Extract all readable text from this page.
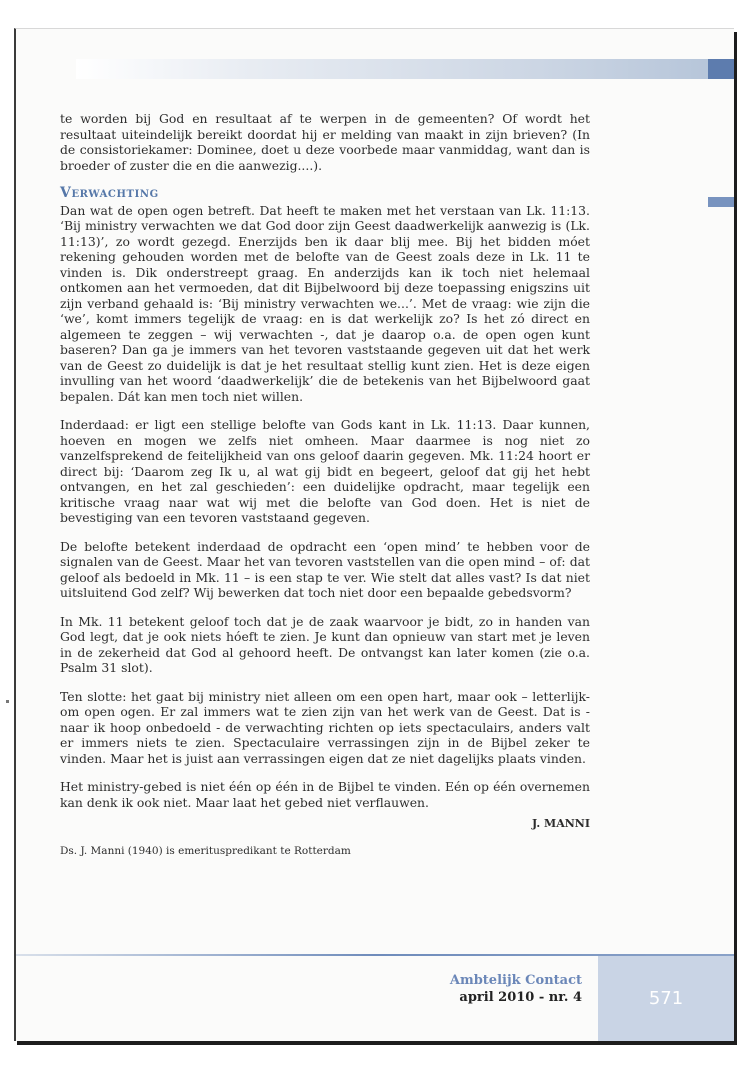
te worden bij God en resultaat af te werpen in de gemeenten? Of wordt het resultaat uiteindelijk bereikt doordat hij er melding van maakt in zijn brieven? (In de consistoriekamer: Dominee, doet u deze voorbede maar vanmiddag, want dan is broeder of zuster die en die aanwezig....).

Verwachting

Dan wat de open ogen betreft. Dat heeft te maken met het verstaan van Lk. 11:13. ‘Bij ministry verwachten we dat God door zijn Geest daadwerkelijk aanwezig is (Lk. 11:13)’, zo wordt gezegd. Enerzijds ben ik daar blij mee. Bij het bidden móet rekening gehouden worden met de belofte van de Geest zoals deze in Lk. 11 te vinden is. Dik onderstreept graag. En anderzijds kan ik toch niet helemaal ontkomen aan het vermoeden, dat dit Bijbelwoord bij deze toepassing enigszins uit zijn verband gehaald is: ‘Bij ministry verwachten we...’. Met de vraag: wie zijn die ‘we’, komt immers tegelijk de vraag: en is dat werkelijk zo? Is het zó direct en algemeen te zeggen – wij verwachten -, dat je daarop o.a. de open ogen kunt baseren? Dan ga je immers van het tevoren vaststaande gegeven uit dat het werk van de Geest zo duidelijk is dat je het resultaat stellig kunt zien. Het is deze eigen invulling van het woord ‘daadwerkelijk’ die de betekenis van het Bijbelwoord gaat bepalen. Dát kan men toch niet willen.

Inderdaad: er ligt een stellige belofte van Gods kant in Lk. 11:13. Daar kunnen, hoeven en mogen we zelfs niet omheen. Maar daarmee is nog niet zo vanzelfsprekend de feitelijkheid van ons geloof daarin gegeven. Mk. 11:24 hoort er direct bij: ‘Daarom zeg Ik u, al wat gij bidt en begeert, geloof dat gij het hebt ontvangen, en het zal geschieden’: een duidelijke opdracht, maar tegelijk een kritische vraag naar wat wij met die belofte van God doen. Het is niet de bevestiging van een tevoren vaststaand gegeven.

De belofte betekent inderdaad de opdracht een ‘open mind’ te hebben voor de signalen van de Geest. Maar het van tevoren vaststellen van die open mind – of: dat geloof als bedoeld in Mk. 11 – is een stap te ver. Wie stelt dat alles vast? Is dat niet uitsluitend God zelf? Wij bewerken dat toch niet door een bepaalde gebedsvorm?

In Mk. 11 betekent geloof toch dat je de zaak waarvoor je bidt, zo in handen van God legt, dat je ook niets hóeft te zien. Je kunt dan opnieuw van start met je leven in de zekerheid dat God al gehoord heeft. De ontvangst kan later komen (zie o.a. Psalm 31 slot).

Ten slotte: het gaat bij ministry niet alleen om een open hart, maar ook – letterlijk- om open ogen. Er zal immers wat te zien zijn van het werk van de Geest. Dat is - naar ik hoop onbedoeld - de verwachting richten op iets spectaculairs, anders valt er immers niets te zien. Spectaculaire verrassingen zijn in de Bijbel zeker te vinden. Maar het is juist aan verrassingen eigen dat ze niet dagelijks plaats vinden.

Het ministry-gebed is niet één op één in de Bijbel te vinden. Eén op één overnemen kan denk ik ook niet. Maar laat het gebed niet verflauwen.

J. MANNI

Ds. J. Manni (1940) is emerituspredikant te Rotterdam

Ambtelijk Contact
april 2010 - nr. 4	571
